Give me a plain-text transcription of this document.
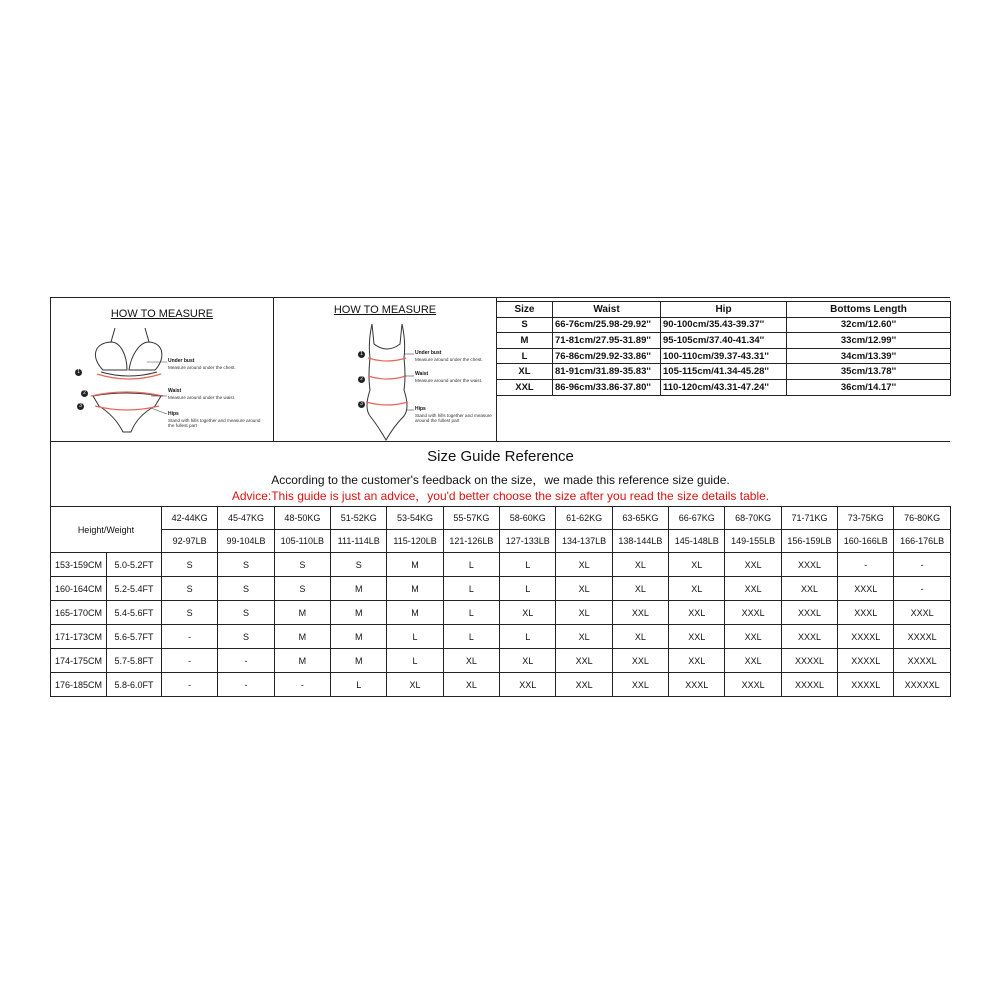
HOW TO MEASURE
1
2
3
Under bust
Measure around under the chest.
Waist
Measure around under the waist.
Hips
Stand with hills together and measure around the fullest part
HOW TO MEASURE
1
2
3
Under bust
Measure around under the chest.
Waist
Measure around under the waist.
Hips
Stand with hills together and measure around the fullest part
Size	Waist	Hip	Bottoms Length
S	66-76cm/25.98-29.92''	90-100cm/35.43-39.37''	32cm/12.60''
M	71-81cm/27.95-31.89''	95-105cm/37.40-41.34''	33cm/12.99''
L	76-86cm/29.92-33.86''	100-110cm/39.37-43.31''	34cm/13.39''
XL	81-91cm/31.89-35.83''	105-115cm/41.34-45.28''	35cm/13.78''
XXL	86-96cm/33.86-37.80''	110-120cm/43.31-47.24''	36cm/14.17''
Size Guide Reference
According to the customer's feedback on the size，we made this reference size guide.
Advice:This guide is just an advice，you'd better choose the size after you read the size details table.
Height/Weight		42-44KG	45-47KG	48-50KG	51-52KG	53-54KG	55-57KG	58-60KG	61-62KG	63-65KG	66-67KG	68-70KG	71-71KG	73-75KG	76-80KG
		92-97LB	99-104LB	105-110LB	111-114LB	115-120LB	121-126LB	127-133LB	134-137LB	138-144LB	145-148LB	149-155LB	156-159LB	160-166LB	166-176LB
153-159CM	5.0-5.2FT	S	S	S	S	M	L	L	XL	XL	XL	XXL	XXXL	-	-
160-164CM	5.2-5.4FT	S	S	S	M	M	L	L	XL	XL	XL	XXL	XXL	XXXL	-
165-170CM	5.4-5.6FT	S	S	M	M	M	L	XL	XL	XXL	XXL	XXXL	XXXL	XXXL	XXXL
171-173CM	5.6-5.7FT	-	S	M	M	L	L	L	XL	XL	XXL	XXL	XXXL	XXXXL	XXXXL
174-175CM	5.7-5.8FT	-	-	M	M	L	XL	XL	XXL	XXL	XXL	XXL	XXXXL	XXXXL	XXXXL
176-185CM	5.8-6.0FT	-	-	-	L	XL	XL	XXL	XXL	XXL	XXXL	XXXL	XXXXL	XXXXL	XXXXXL
